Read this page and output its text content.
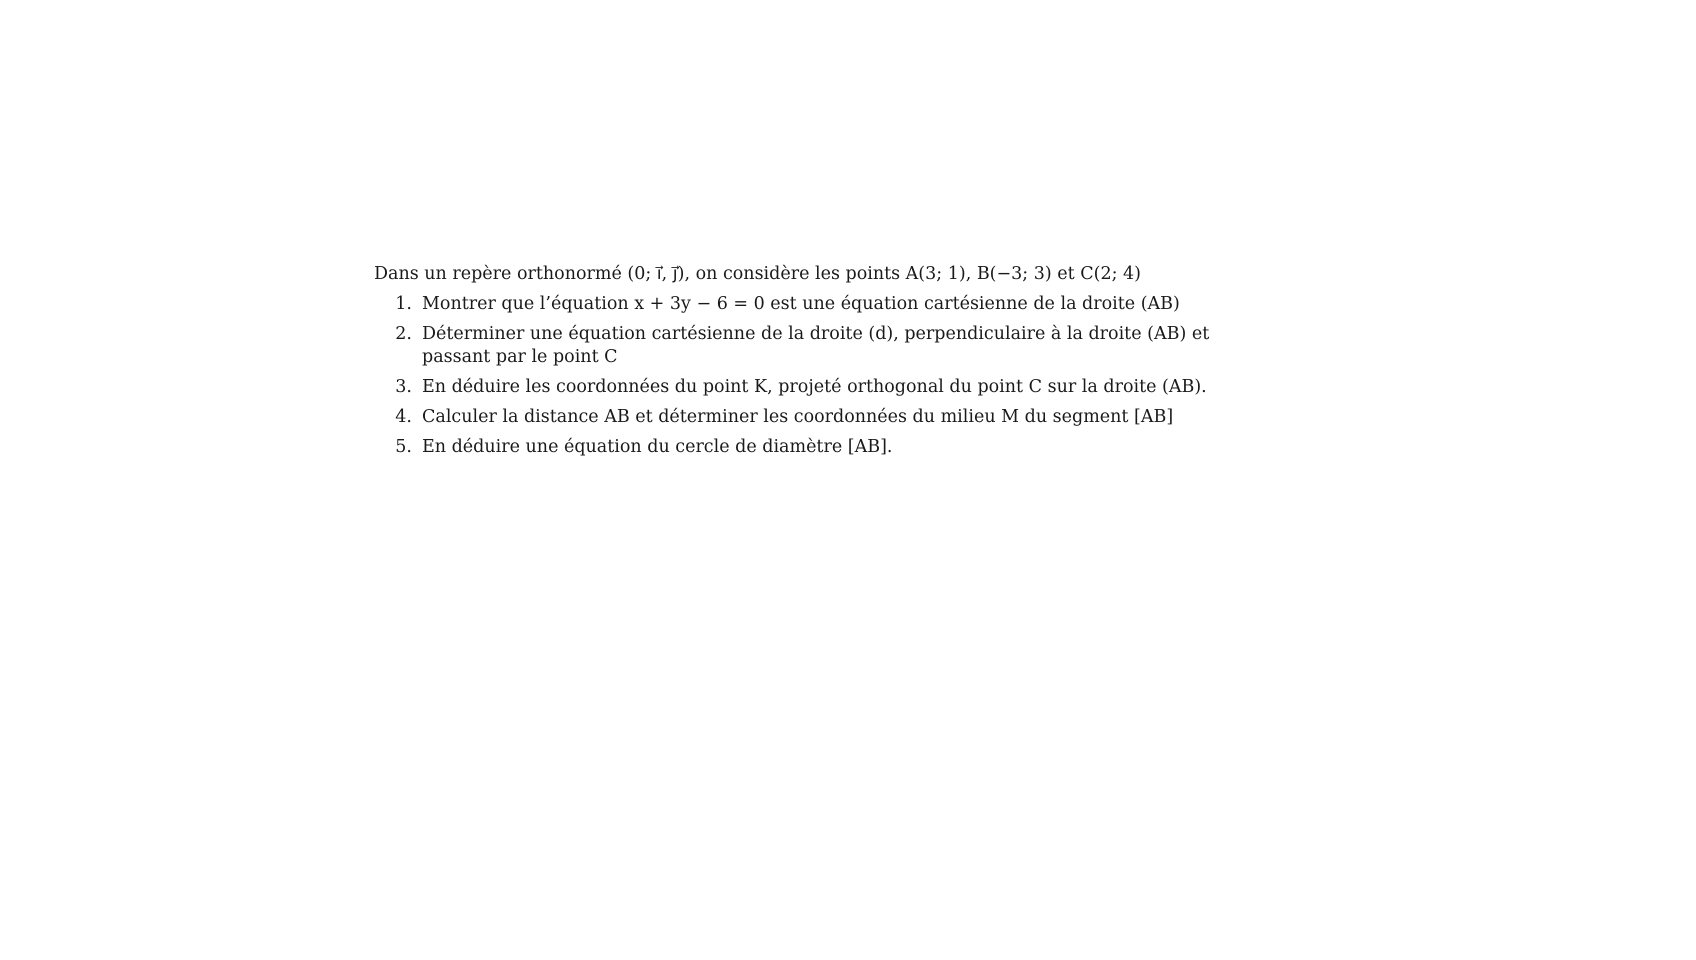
Dans un repère orthonormé (0; i⃗, j⃗), on considère les points A(3; 1), B(−3; 3) et C(2; 4)

1. Montrer que l’équation x + 3y − 6 = 0 est une équation cartésienne de la droite (AB)
2. Déterminer une équation cartésienne de la droite (d), perpendiculaire à la droite (AB) et passant par le point C
3. En déduire les coordonnées du point K, projeté orthogonal du point C sur la droite (AB).
4. Calculer la distance AB et déterminer les coordonnées du milieu M du segment [AB]
5. En déduire une équation du cercle de diamètre [AB].
